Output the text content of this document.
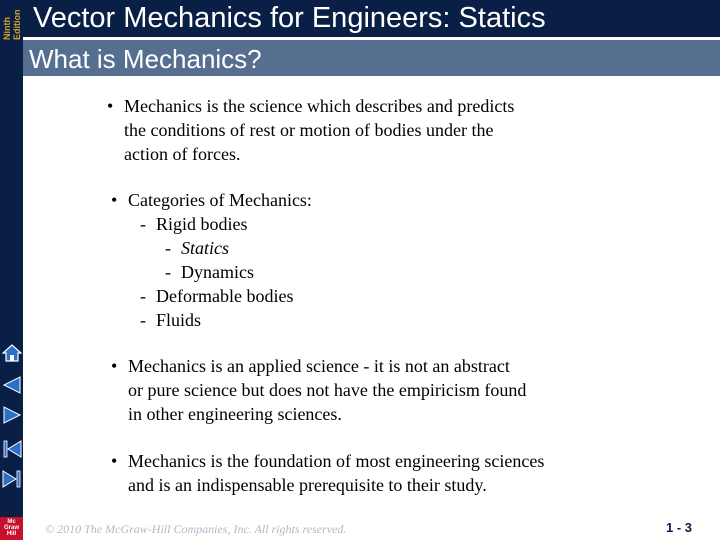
Ninth Edition
Mc
Graw
Hill
Vector Mechanics for Engineers: Statics
What is Mechanics?
• Mechanics is the science which describes and predicts
the conditions of rest or motion of bodies under the
action of forces.
• Categories of Mechanics:
- Rigid bodies
- Statics
- Dynamics
- Deformable bodies
- Fluids
• Mechanics is an applied science - it is not an abstract
or pure science but does not have the empiricism found
in other engineering sciences.
• Mechanics is the foundation of most engineering sciences
and is an indispensable prerequisite to their study.
© 2010 The McGraw-Hill Companies, Inc. All rights reserved.	1 - 3
